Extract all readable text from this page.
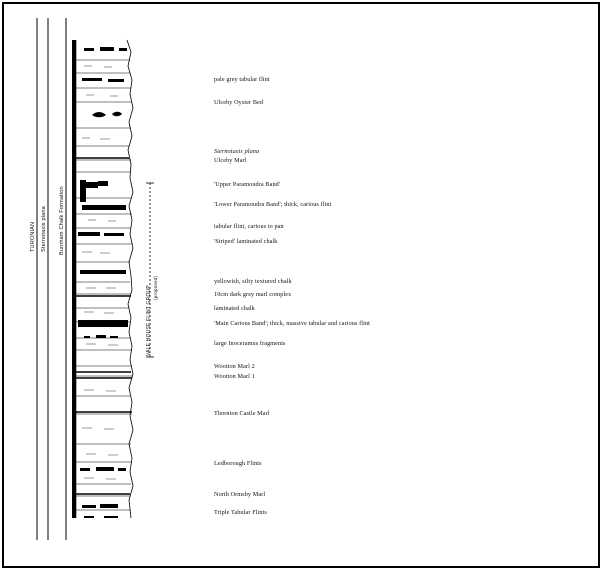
TURONIAN Sternotaxis plana Burnham Chalk Formation
VALE HOUSE FLINT GROUP (proposed)
pale grey tabular flint
Ulceby Oyster Bed
Sternotaxis plana
Ulceby Marl
'Upper Paramoudra Band'
'Lower Paramoudra Band'; thick, carious flint
tabular flint, carious to pan
'Striped' laminated chalk
yellowish, silty textured chalk
10cm dark grey marl complex
laminated chalk
'Main Carious Band'; thick, massive tabular and carious flint
large Inoceramus fragments
Wootton Marl 2
Wootton Marl 1
Thornton Castle Marl
Ledborough Flints
North Ormsby Marl
Triple Tabular Flints
